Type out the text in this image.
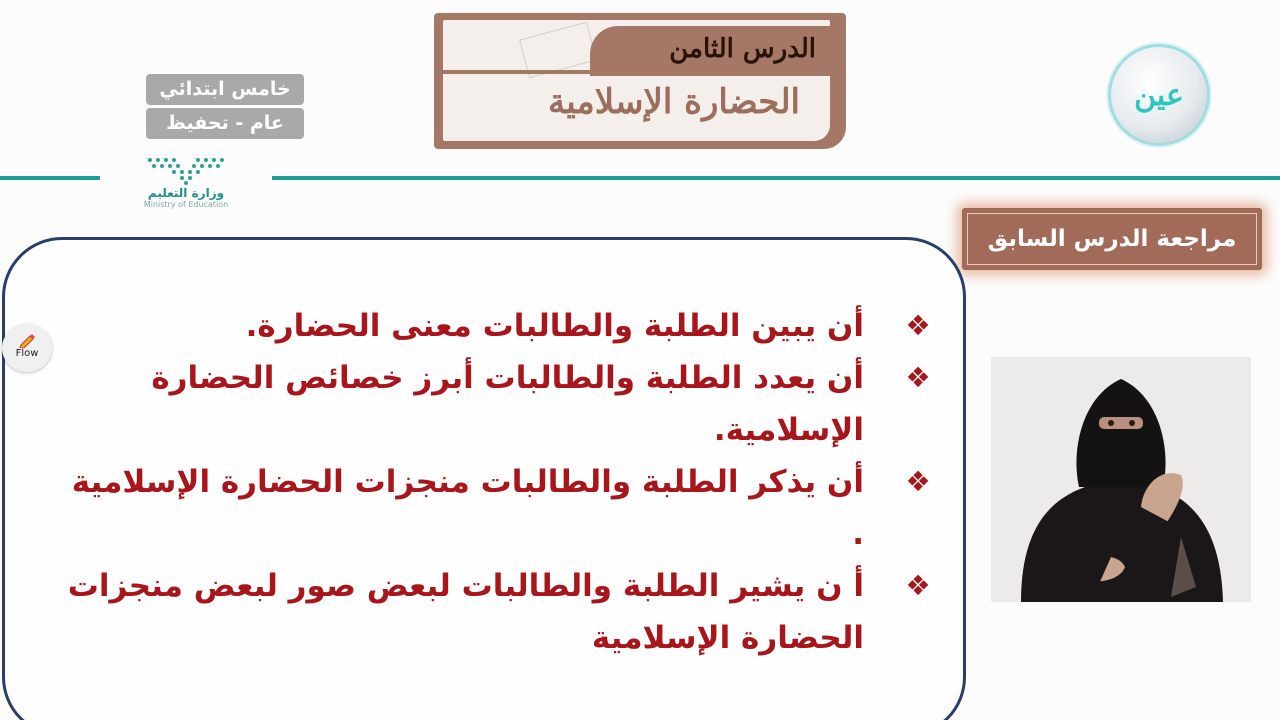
الدرس الثامن
الحضارة الإسلامية
خامس ابتدائي
عام - تحفيظ
وزارة التعليم
Ministry of Education
عين
مراجعة الدرس السابق
❖
أن يبين الطلبة والطالبات معنى الحضارة.
❖
أن يعدد الطلبة والطالبات أبرز خصائص الحضارة الإسلامية.
❖
أن يذكر الطلبة والطالبات منجزات الحضارة الإسلامية .
❖
أ ن يشير الطلبة والطالبات لبعض صور لبعض منجزات الحضارة الإسلامية
Flow
